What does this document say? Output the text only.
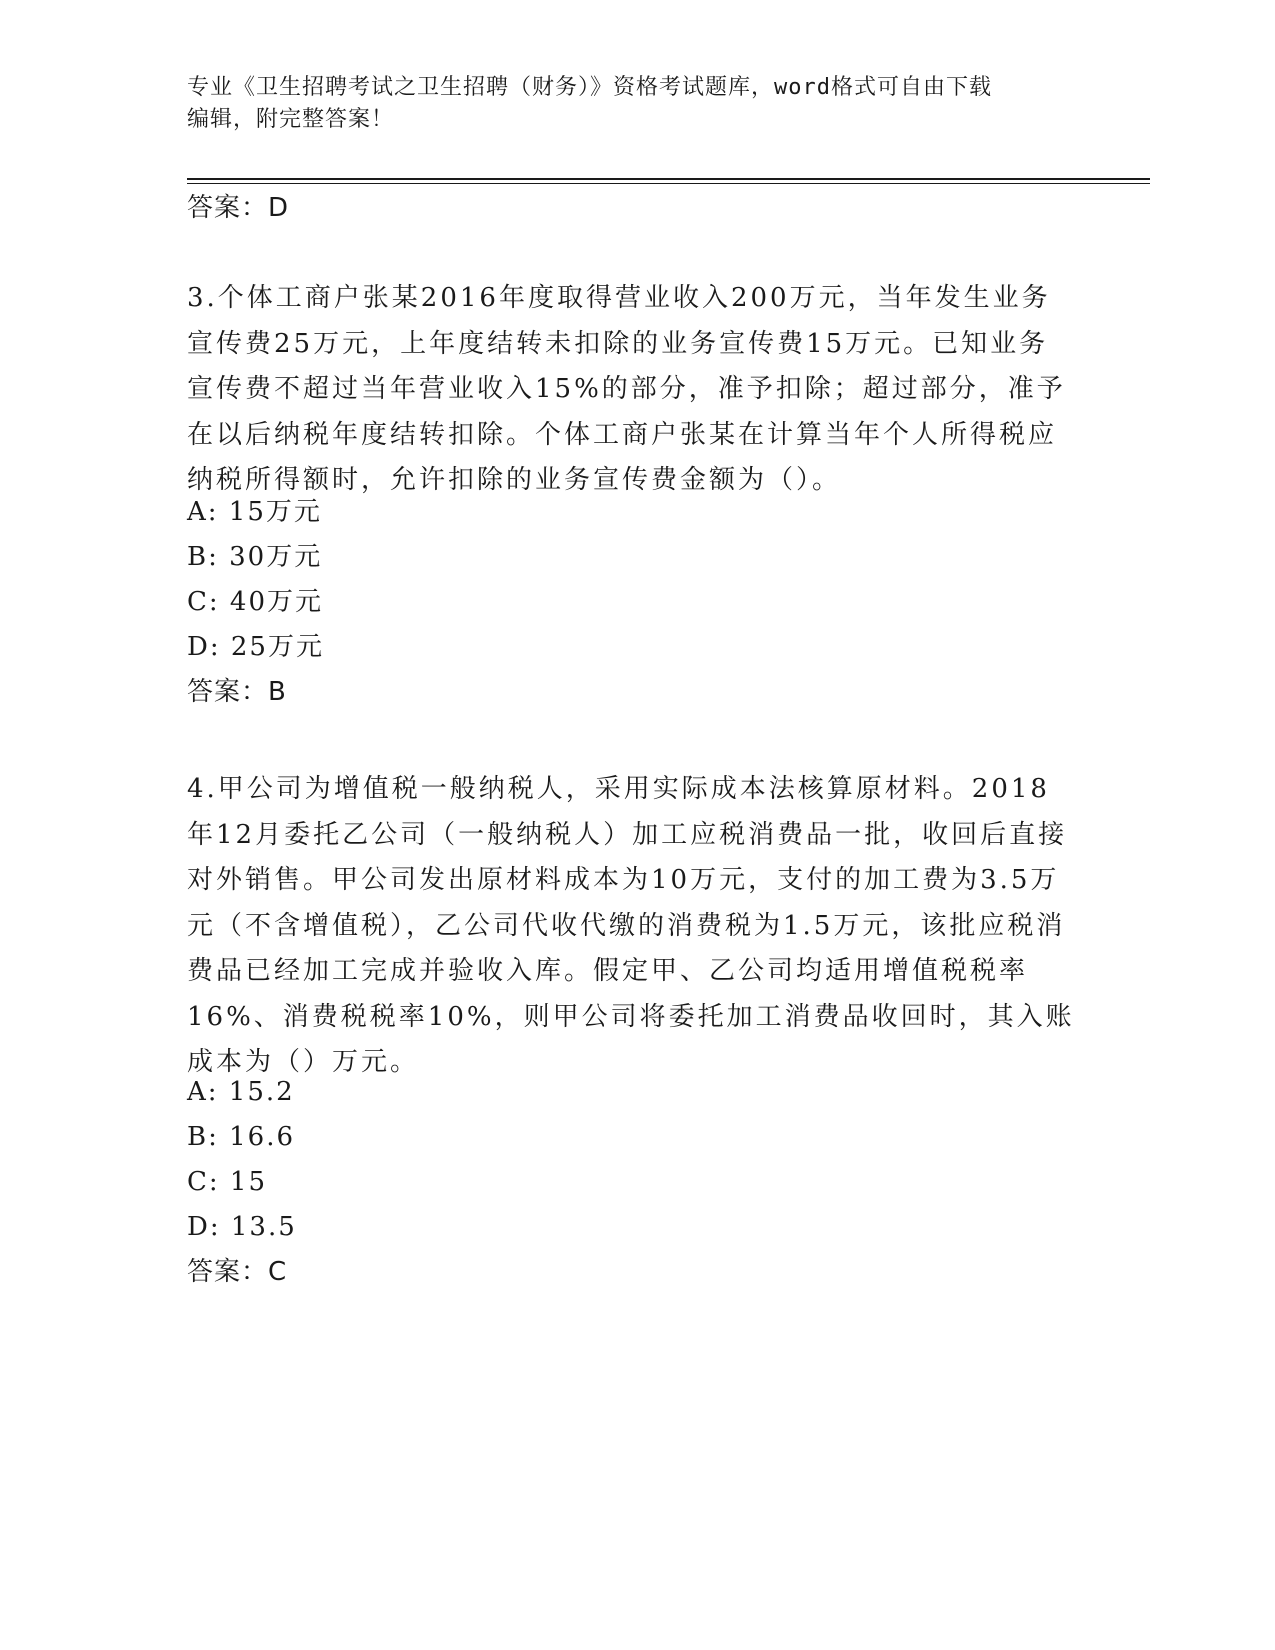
专业《卫生招聘考试之卫生招聘（财务）》资格考试题库，word格式可自由下载
编辑，附完整答案！
答案：D
3.个体工商户张某2016年度取得营业收入200万元，当年发生业务宣传费25万元，上年度结转未扣除的业务宣传费15万元。已知业务宣传费不超过当年营业收入15%的部分，准予扣除；超过部分，准予在以后纳税年度结转扣除。个体工商户张某在计算当年个人所得税应纳税所得额时，允许扣除的业务宣传费金额为（）。
A: 15万元
B: 30万元
C: 40万元
D: 25万元
答案：B
4.甲公司为增值税一般纳税人，采用实际成本法核算原材料。2018年12月委托乙公司（一般纳税人）加工应税消费品一批，收回后直接对外销售。甲公司发出原材料成本为10万元，支付的加工费为3.5万元（不含增值税），乙公司代收代缴的消费税为1.5万元，该批应税消费品已经加工完成并验收入库。假定甲、乙公司均适用增值税税率16%、消费税税率10%，则甲公司将委托加工消费品收回时，其入账成本为（）万元。
A: 15.2
B: 16.6
C: 15
D: 13.5
答案：C
